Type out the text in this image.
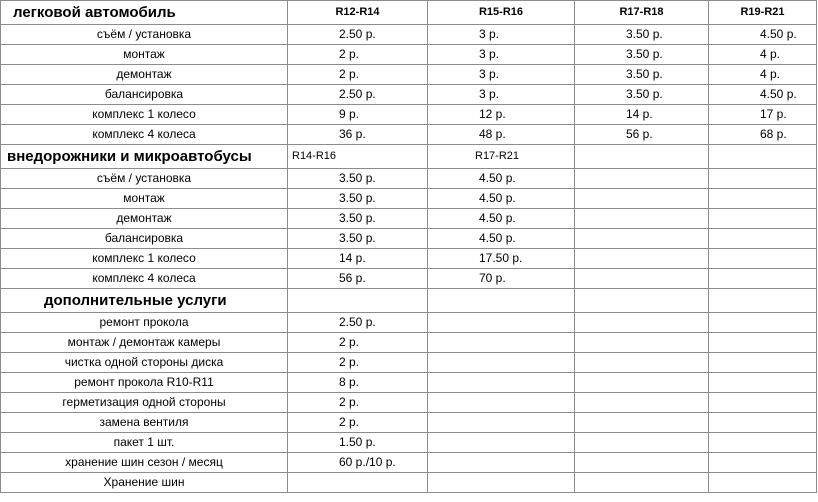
легковой автомобиль	R12-R14	R15-R16	R17-R18	R19-R21
съём / установка	2.50 р.	3 р.	3.50 р.	4.50 р.
монтаж	2 р.	3 р.	3.50 р.	4 р.
демонтаж	2 р.	3 р.	3.50 р.	4 р.
балансировка	2.50 р.	3 р.	3.50 р.	4.50 р.
комплекс 1 колесо	9 р.	12 р.	14 р.	17 р.
комплекс 4 колеса	36 р.	48 р.	56 р.	68 р.
внедорожники и микроавтобусы	R14-R16	R17-R21		
съём / установка	3.50 р.	4.50 р.		
монтаж	3.50 р.	4.50 р.		
демонтаж	3.50 р.	4.50 р.		
балансировка	3.50 р.	4.50 р.		
комплекс 1 колесо	14 р.	17.50 р.		
комплекс 4 колеса	56 р.	70 р.		
дополнительные услуги				
ремонт прокола	2.50 р.			
монтаж / демонтаж камеры	2 р.			
чистка одной стороны диска	2 р.			
ремонт прокола R10-R11	8 р.			
герметизация одной стороны	2 р.			
замена вентиля	2 р.			
пакет 1 шт.	1.50 р.			
хранение шин сезон / месяц	60 р./10 р.			
Хранение шин				
